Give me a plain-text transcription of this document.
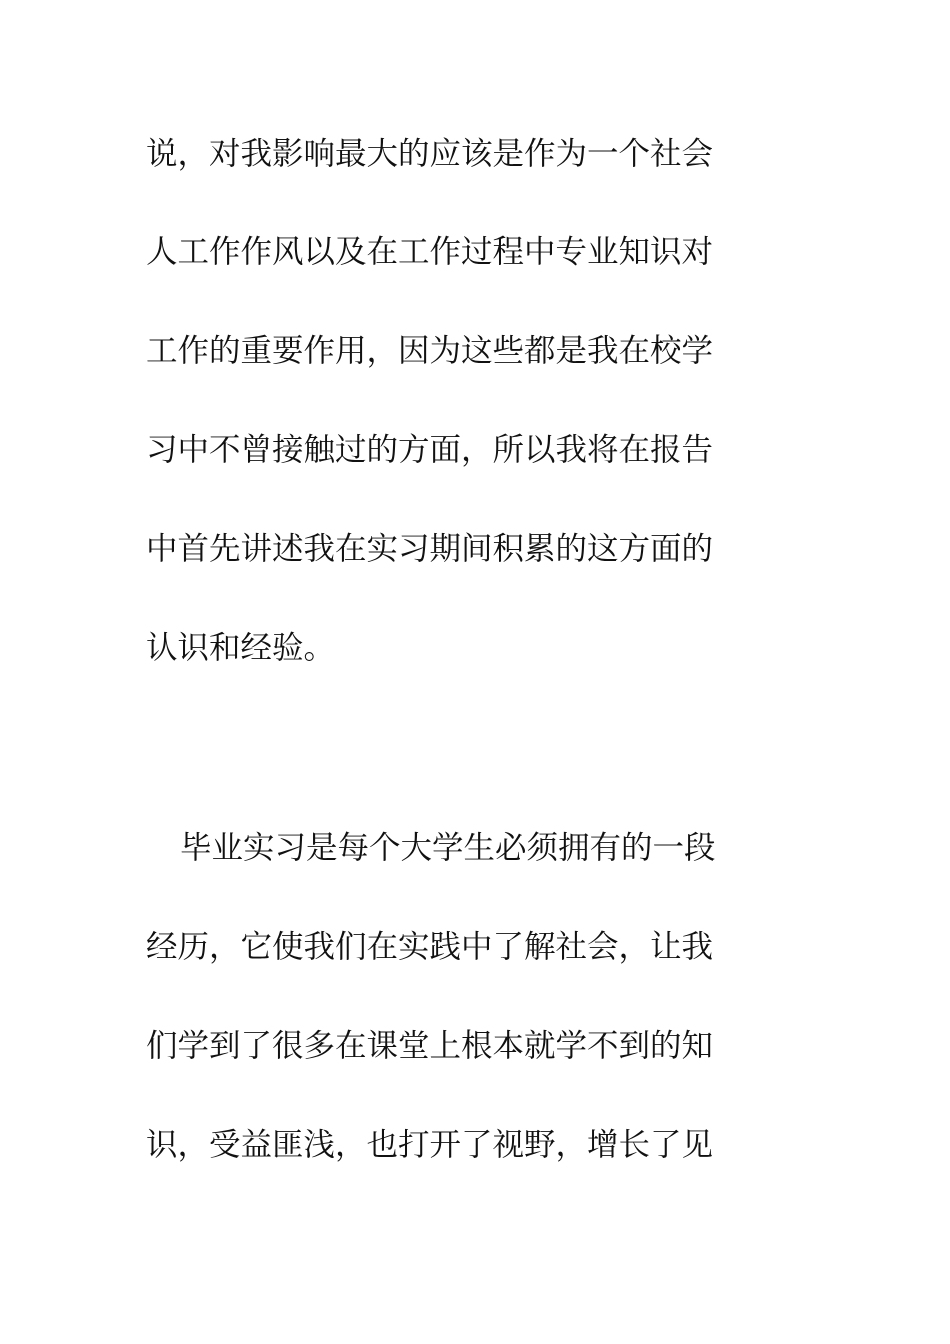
说，对我影响最大的应该是作为一个社会
人工作作风以及在工作过程中专业知识对
工作的重要作用，因为这些都是我在校学
习中不曾接触过的方面，所以我将在报告
中首先讲述我在实习期间积累的这方面的
认识和经验。
毕业实习是每个大学生必须拥有的一段
经历，它使我们在实践中了解社会，让我
们学到了很多在课堂上根本就学不到的知
识，受益匪浅，也打开了视野，增长了见
